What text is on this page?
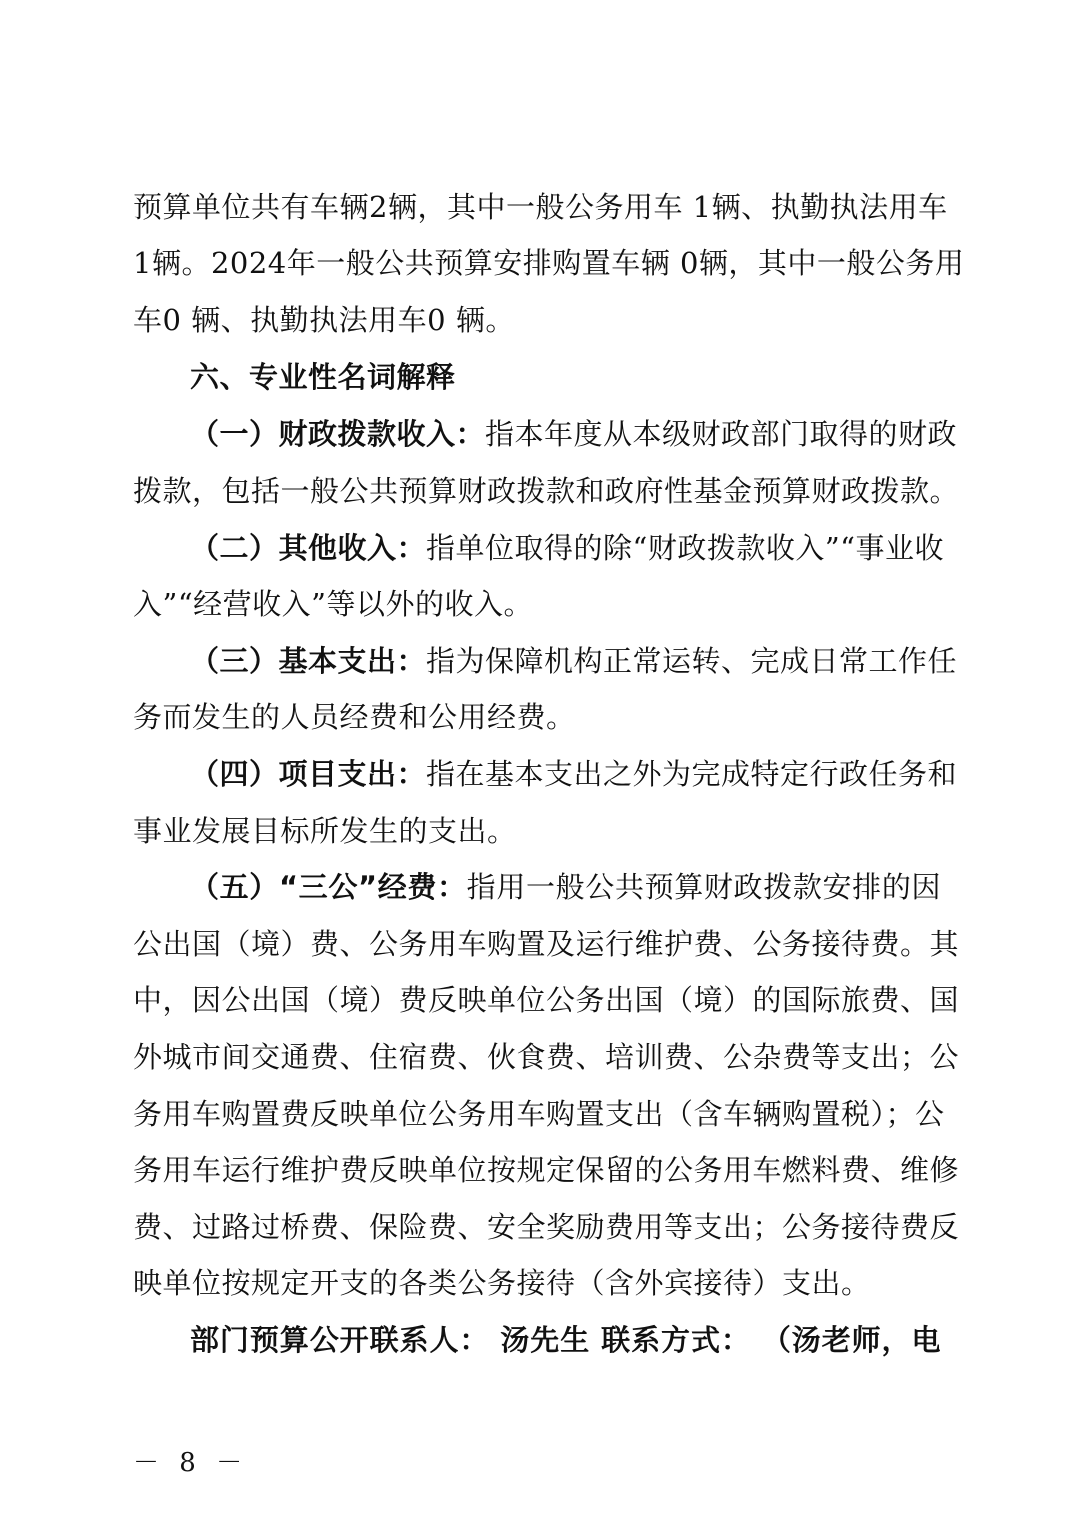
预算单位共有车辆2辆，其中一般公务用车 1辆、执勤执法用车
1辆。2024年一般公共预算安排购置车辆 0辆，其中一般公务用
车0 辆、执勤执法用车0 辆。
六、专业性名词解释
（一）财政拨款收入：指本年度从本级财政部门取得的财政
拨款，包括一般公共预算财政拨款和政府性基金预算财政拨款。
（二）其他收入：指单位取得的除“财政拨款收入”“事业收
入”“经营收入”等以外的收入。
（三）基本支出：指为保障机构正常运转、完成日常工作任
务而发生的人员经费和公用经费。
（四）项目支出：指在基本支出之外为完成特定行政任务和
事业发展目标所发生的支出。
（五）“三公”经费：指用一般公共预算财政拨款安排的因
公出国（境）费、公务用车购置及运行维护费、公务接待费。其
中，因公出国（境）费反映单位公务出国（境）的国际旅费、国
外城市间交通费、住宿费、伙食费、培训费、公杂费等支出；公
务用车购置费反映单位公务用车购置支出（含车辆购置税）；公
务用车运行维护费反映单位按规定保留的公务用车燃料费、维修
费、过路过桥费、保险费、安全奖励费用等支出；公务接待费反
映单位按规定开支的各类公务接待（含外宾接待）支出。
部门预算公开联系人： 汤先生 联系方式： （汤老师，电
－ 8 －
